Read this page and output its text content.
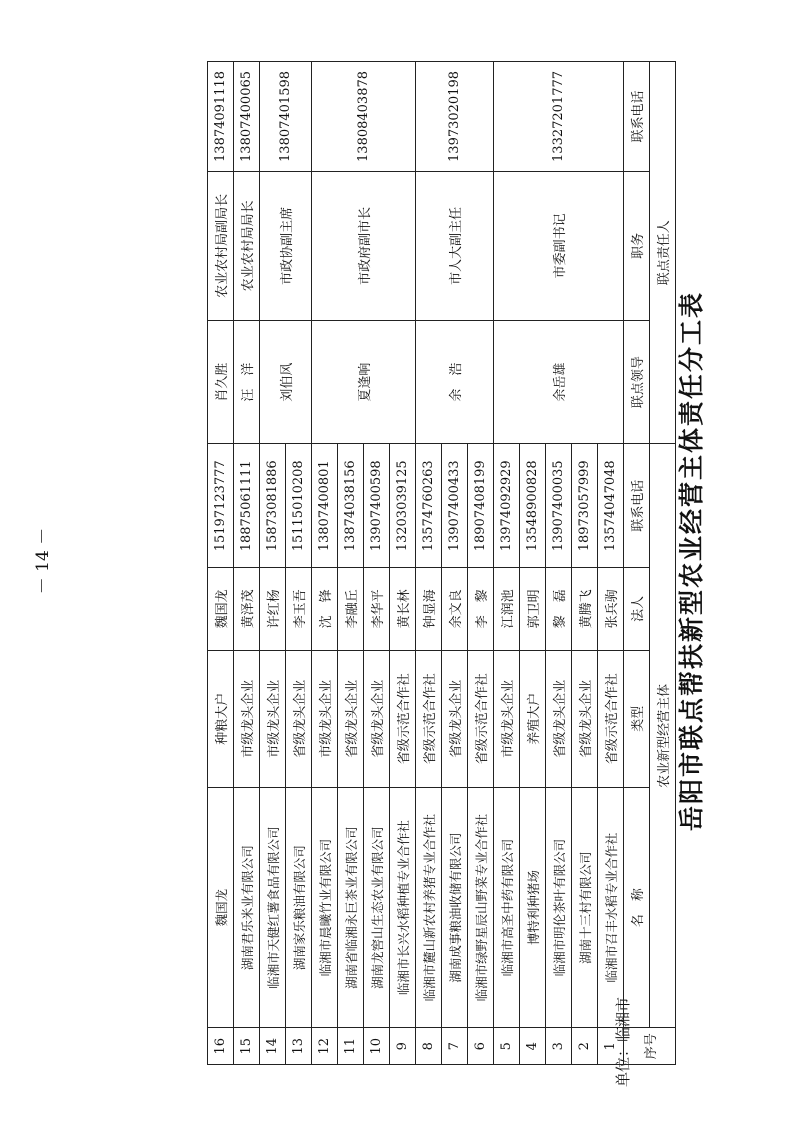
岳阳市联点帮扶新型农业经营主体责任分工表
单位：临湘市
16	魏国龙	种粮大户	魏国龙	15197123777	肖久胜	农业农村局副局长	13874091118
15	湖南君乐米业有限公司	市级龙头企业	黄泽茂	18875061111	汪　洋	农业农村局局长	13807400065
14	临湘市天健红薯食品有限公司	市级龙头企业	许红杨	15873081886	刘伯风	市政协副主席	13807401598
13	湖南家乐粮油有限公司	省级龙头企业	李玉吾	15115010208			
12	临湘市晨曦竹业有限公司	市级龙头企业	沈　锋	13807400801	夏逢响	市政府副市长	13808403878
11	湖南省临湘永巨茶业有限公司	省级龙头企业	李融丘	13874038156			
10	湖南龙窖山生态农业有限公司	省级龙头企业	李华平	13907400598			
9	临湘市长兴水稻种植专业合作社	省级示范合作社	黄长林	13203039125			
8	临湘市麓山新农村养猪专业合作社	省级示范合作社	钟显海	13574760263	余　浩	市人大副主任	13973020198
7	湖南成事粮油收储有限公司	省级龙头企业	余文良	13907400433			
6	临湘市绿野星辰山野菜专业合作社	省级示范合作社	李　黎	18907408199			
5	临湘市高圣中药有限公司	市级龙头企业	江润池	13974092929	余岳雄	市委副书记	13327201777
4	博特利种猪场	养殖大户	郭卫明	13548900828			
3	临湘市明伦茶叶有限公司	省级龙头企业	黎　磊	13907400035			
2	湖南十三村有限公司	省级龙头企业	黄腾飞	18973057999			
1	临湘市召丰水稻专业合作社	省级示范合作社	张兵驹	13574047048			
序号	名　称	类型	法人	联系电话	联点领导	职务	联系电话
	农业新型经营主体				联点责任人		
－ 14 －
